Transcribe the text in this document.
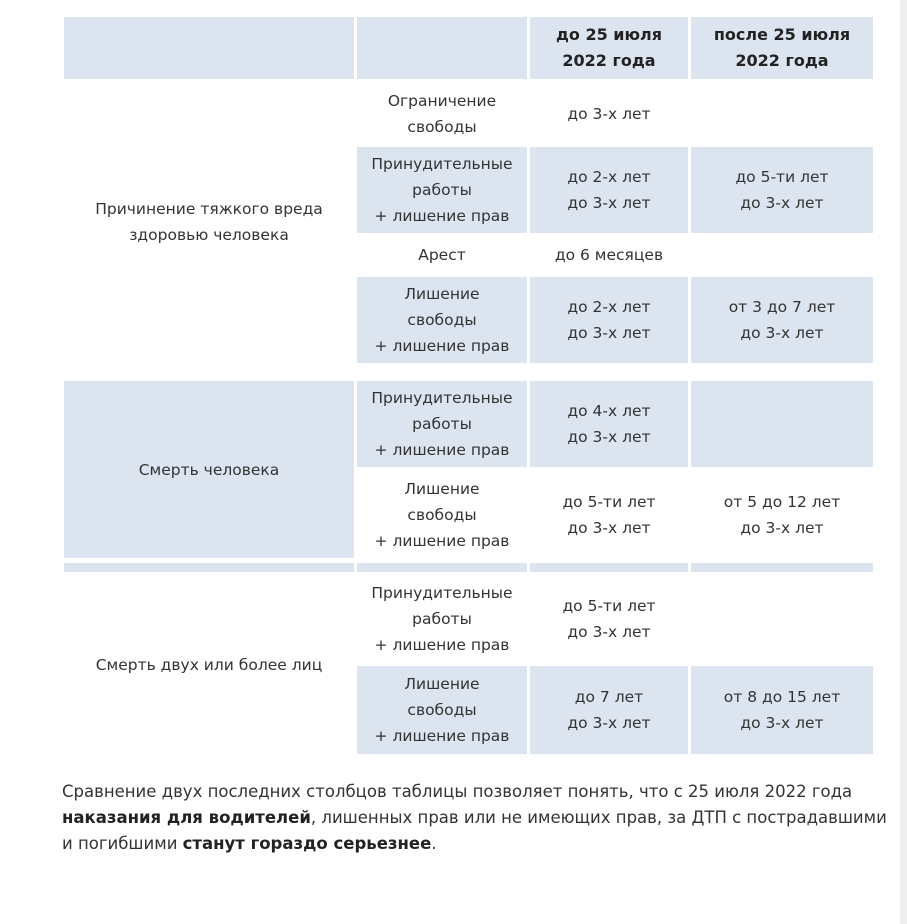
до 25 июля
2022 года
после 25 июля
2022 года
Причинение тяжкого вреда здоровью человека
Смерть человека
Смерть двух или более лиц
Ограничение
свободы
до 3-х лет
Принудительные
работы
+ лишение прав
до 2-х лет
до 3-х лет
до 5-ти лет
до 3-х лет
Арест	до 6 месяцев
Лишение
свободы
+ лишение прав
до 2-х лет
до 3-х лет
от 3 до 7 лет
до 3-х лет
Принудительные
работы
+ лишение прав
до 4-х лет
до 3-х лет
Лишение
свободы
+ лишение прав
до 5-ти лет
до 3-х лет
от 5 до 12 лет
до 3-х лет
Принудительные
работы
+ лишение прав
до 5-ти лет
до 3-х лет
Лишение
свободы
+ лишение прав
до 7 лет
до 3-х лет
от 8 до 15 лет
до 3-х лет
Сравнение двух последних столбцов таблицы позволяет понять, что с 25 июля 2022 года наказания для водителей, лишенных прав или не имеющих прав, за ДТП с пострадавшими и погибшими станут гораздо серьезнее.
